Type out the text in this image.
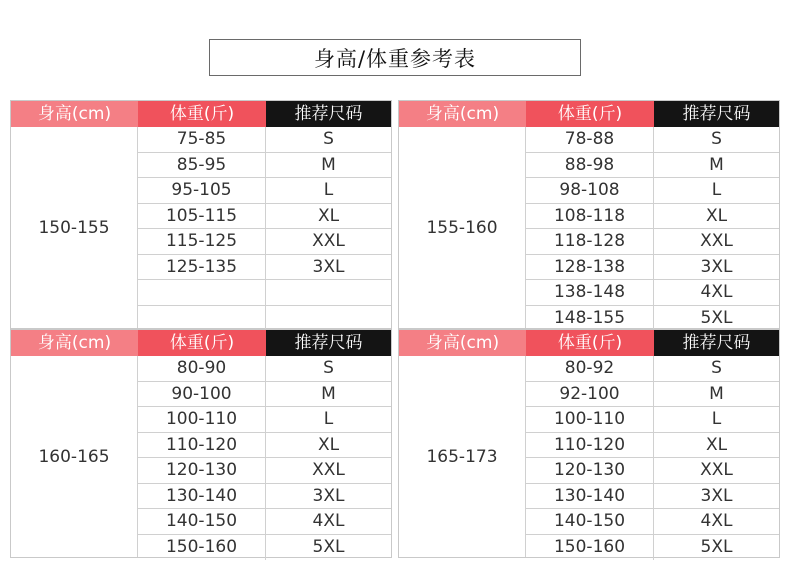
身高/体重参考表
身高(cm)	体重(斤)	推荐尺码
150-155
75-85	S
85-95	M
95-105	L
105-115	XL
115-125	XXL
125-135	3XL
身高(cm)	体重(斤)	推荐尺码
155-160
78-88	S
88-98	M
98-108	L
108-118	XL
118-128	XXL
128-138	3XL
138-148	4XL
148-155	5XL
身高(cm)	体重(斤)	推荐尺码
160-165
80-90	S
90-100	M
100-110	L
110-120	XL
120-130	XXL
130-140	3XL
140-150	4XL
150-160	5XL
身高(cm)	体重(斤)	推荐尺码
165-173
80-92	S
92-100	M
100-110	L
110-120	XL
120-130	XXL
130-140	3XL
140-150	4XL
150-160	5XL
